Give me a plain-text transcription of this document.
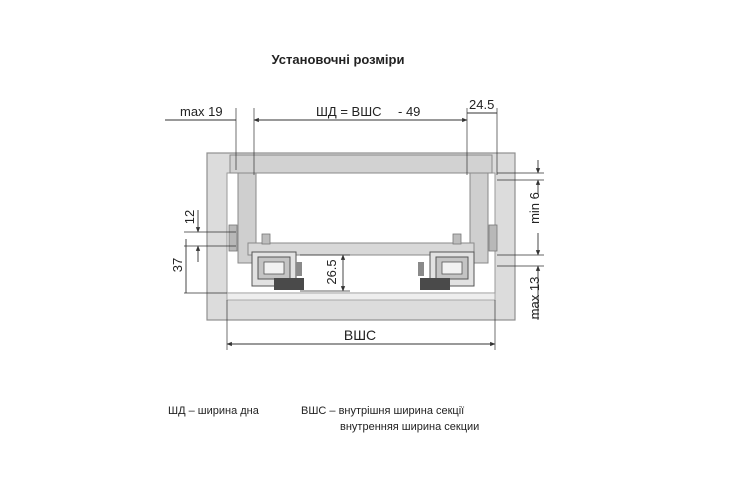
Установочні розміри
max 19	ШД = ВШС - 49	24.5
min 6
max 13
12
37	26.5
ВШС
ШД – ширина дна	ВШС – внутрішня ширина секції
внутренняя ширина секции
